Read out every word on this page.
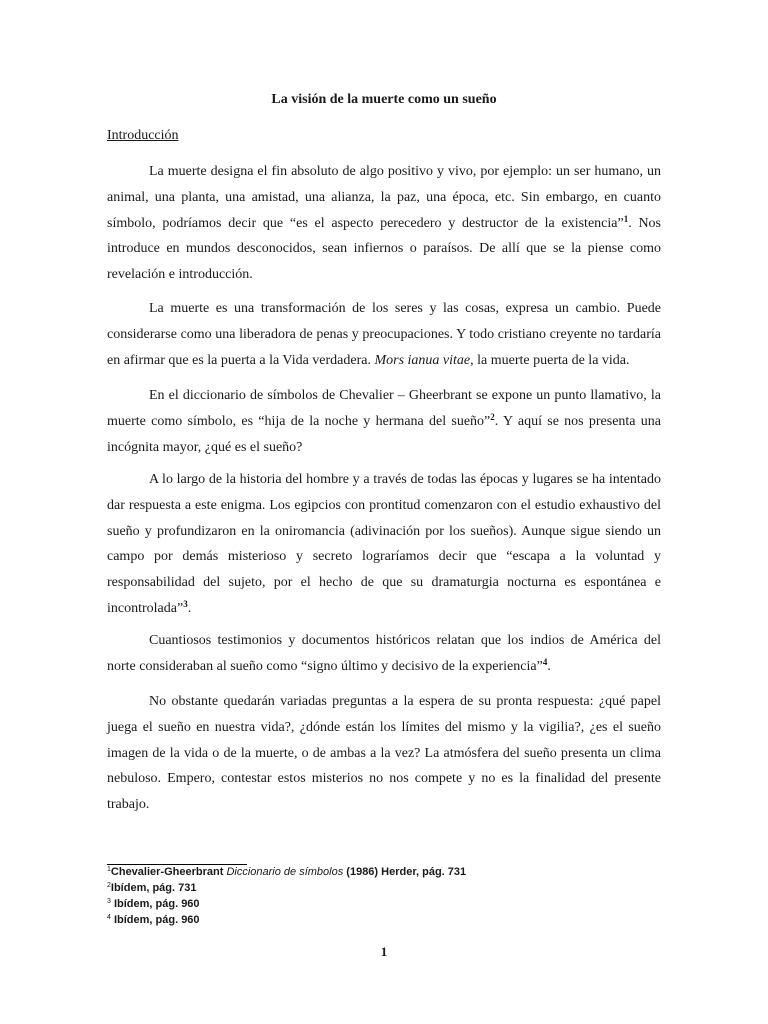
La visión de la muerte como un sueño
Introducción

La muerte designa el fin absoluto de algo positivo y vivo, por ejemplo: un ser humano, un animal, una planta, una amistad, una alianza, la paz, una época, etc. Sin embargo, en cuanto símbolo, podríamos decir que “es el aspecto perecedero y destructor de la existencia”$^1$. Nos introduce en mundos desconocidos, sean infiernos o paraísos. De allí que se la piense como revelación e introducción.

La muerte es una transformación de los seres y las cosas, expresa un cambio. Puede considerarse como una liberadora de penas y preocupaciones. Y todo cristiano creyente no tardaría en afirmar que es la puerta a la Vida verdadera. Mors ianua vitae, la muerte puerta de la vida.

En el diccionario de símbolos de Chevalier – Gheerbrant se expone un punto llamativo, la muerte como símbolo, es “hija de la noche y hermana del sueño”$^2$. Y aquí se nos presenta una incógnita mayor, ¿qué es el sueño?

A lo largo de la historia del hombre y a través de todas las épocas y lugares se ha intentado dar respuesta a este enigma. Los egipcios con prontitud comenzaron con el estudio exhaustivo del sueño y profundizaron en la oniromancia (adivinación por los sueños). Aunque sigue siendo un campo por demás misterioso y secreto lograríamos decir que “escapa a la voluntad y responsabilidad del sujeto, por el hecho de que su dramaturgia nocturna es espontánea e incontrolada”$^3$.

Cuantiosos testimonios y documentos históricos relatan que los indios de América del norte consideraban al sueño como “signo último y decisivo de la experiencia”$^4$.

No obstante quedarán variadas preguntas a la espera de su pronta respuesta: ¿qué papel juega el sueño en nuestra vida?, ¿dónde están los límites del mismo y la vigilia?, ¿es el sueño imagen de la vida o de la muerte, o de ambas a la vez? La atmósfera del sueño presenta un clima nebuloso. Empero, contestar estos misterios no nos compete y no es la finalidad del presente trabajo.

$^1$Chevalier-Gheerbrant Diccionario de símbolos (1986) Herder, pág. 731
$^2$Ibídem, pág. 731
$^3$ Ibídem, pág. 960
$^4$ Ibídem, pág. 960
1
